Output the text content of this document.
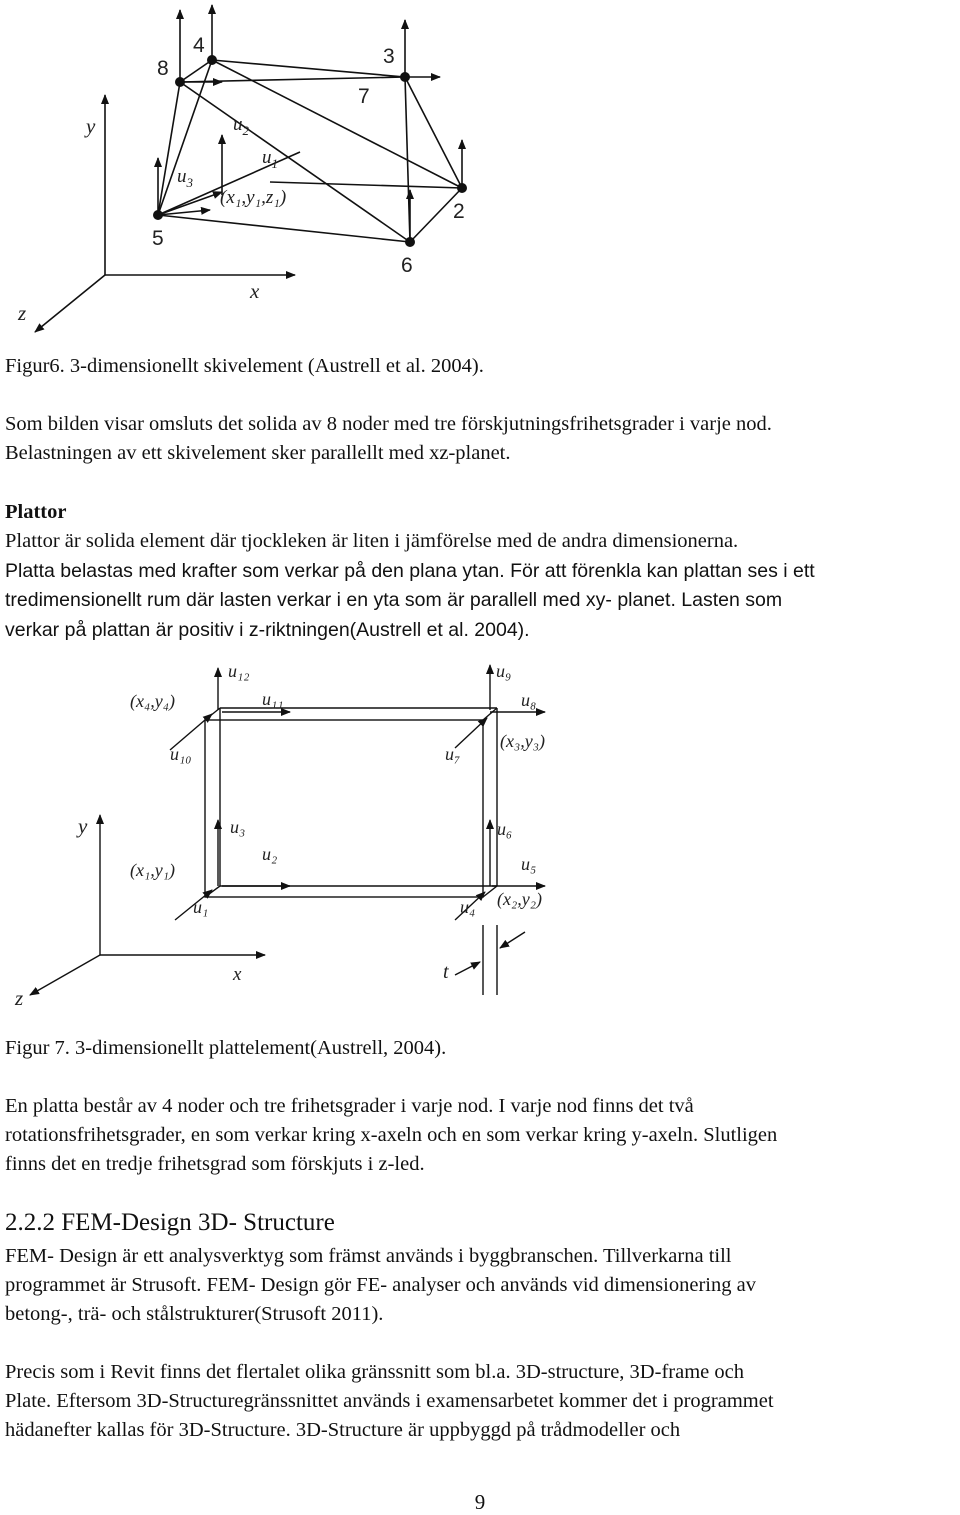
2
3
4
5
6
7
8
y
x
z
$u_2$
$u_1$
$u_3$
(x₁,y₁,z₁)

Figur6. 3-dimensionellt skivelement (Austrell et al. 2004).

Som bilden visar omsluts det solida av 8 noder med tre förskjutningsfrihetsgrader i varje nod.

Belastningen av ett skivelement sker parallellt med xz-planet.

Plattor

Plattor är solida element där tjockleken är liten i jämförelse med de andra dimensionerna.

Platta belastas med krafter som verkar på den plana ytan. För att förenkla kan plattan ses i ett

tredimensionellt rum där lasten verkar i en yta som är parallell med xy- planet. Lasten som

verkar på plattan är positiv i z-riktningen(Austrell et al. 2004).

y
x
z
u₁₂
u₁₁
u₁₀
u₉
u₈
u₇
u₆
u₅
u₄
u₃
u₂
u₁
(x₄,y₄)
(x₃,y₃)
(x₁,y₁)
(x₂,y₂)
t

Figur 7. 3-dimensionellt plattelement(Austrell, 2004).

En platta består av 4 noder och tre frihetsgrader i varje nod. I varje nod finns det två

rotationsfrihetsgrader, en som verkar kring x-axeln och en som verkar kring y-axeln. Slutligen

finns det en tredje frihetsgrad som förskjuts i z-led.

2.2.2 FEM-Design 3D- Structure

FEM- Design är ett analysverktyg som främst används i byggbranschen. Tillverkarna till

programmet är Strusoft. FEM- Design gör FE- analyser och används vid dimensionering av

betong-, trä- och stålstrukturer(Strusoft 2011).

Precis som i Revit finns det flertalet olika gränssnitt som bl.a. 3D-structure, 3D-frame och

Plate. Eftersom 3D-Structuregränssnittet används i examensarbetet kommer det i programmet

hädanefter kallas för 3D-Structure. 3D-Structure är uppbyggd på trådmodeller och

9
